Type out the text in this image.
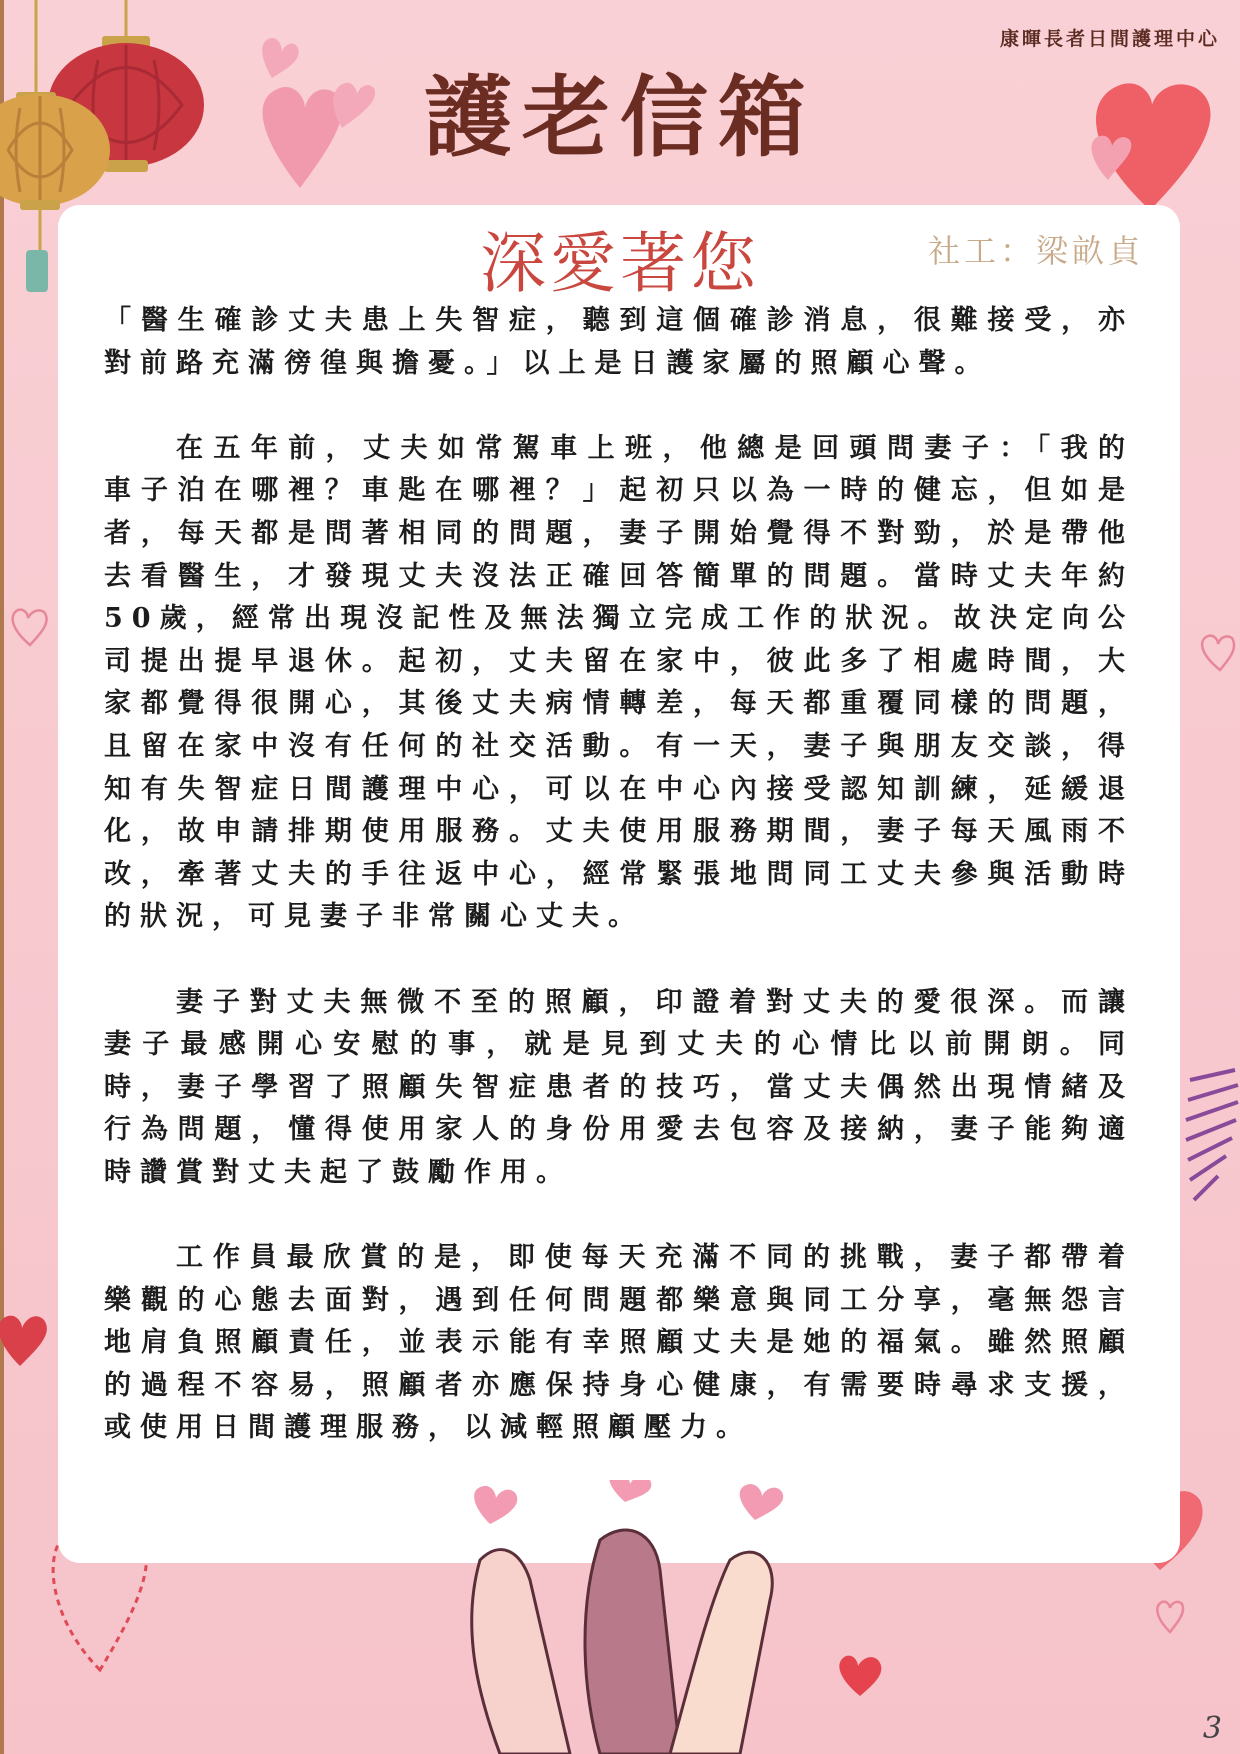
康暉長者日間護理中心
護老信箱
深愛著您	社工：梁畝貞

「醫生確診丈夫患上失智症，聽到這個確診消息，很難接受，亦對前路充滿徬徨與擔憂。」以上是日護家屬的照顧心聲。

在五年前，丈夫如常駕車上班，他總是回頭問妻子：「我的車子泊在哪裡？車匙在哪裡？」起初只以為一時的健忘，但如是者，每天都是問著相同的問題，妻子開始覺得不對勁，於是帶他去看醫生，才發現丈夫沒法正確回答簡單的問題。當時丈夫年約50歲，經常出現沒記性及無法獨立完成工作的狀況。故決定向公司提出提早退休。起初，丈夫留在家中，彼此多了相處時間，大家都覺得很開心，其後丈夫病情轉差，每天都重覆同樣的問題，且留在家中沒有任何的社交活動。有一天，妻子與朋友交談，得知有失智症日間護理中心，可以在中心內接受認知訓練，延緩退化，故申請排期使用服務。丈夫使用服務期間，妻子每天風雨不改，牽著丈夫的手往返中心，經常緊張地問同工丈夫參與活動時的狀況，可見妻子非常關心丈夫。

妻子對丈夫無微不至的照顧，印證着對丈夫的愛很深。而讓妻子最感開心安慰的事，就是見到丈夫的心情比以前開朗。同時，妻子學習了照顧失智症患者的技巧，當丈夫偶然出現情緒及行為問題，懂得使用家人的身份用愛去包容及接納，妻子能夠適時讚賞對丈夫起了鼓勵作用。

工作員最欣賞的是，即使每天充滿不同的挑戰，妻子都帶着樂觀的心態去面對，遇到任何問題都樂意與同工分享，毫無怨言地肩負照顧責任，並表示能有幸照顧丈夫是她的福氣。雖然照顧的過程不容易，照顧者亦應保持身心健康，有需要時尋求支援，或使用日間護理服務，以減輕照顧壓力。

3
